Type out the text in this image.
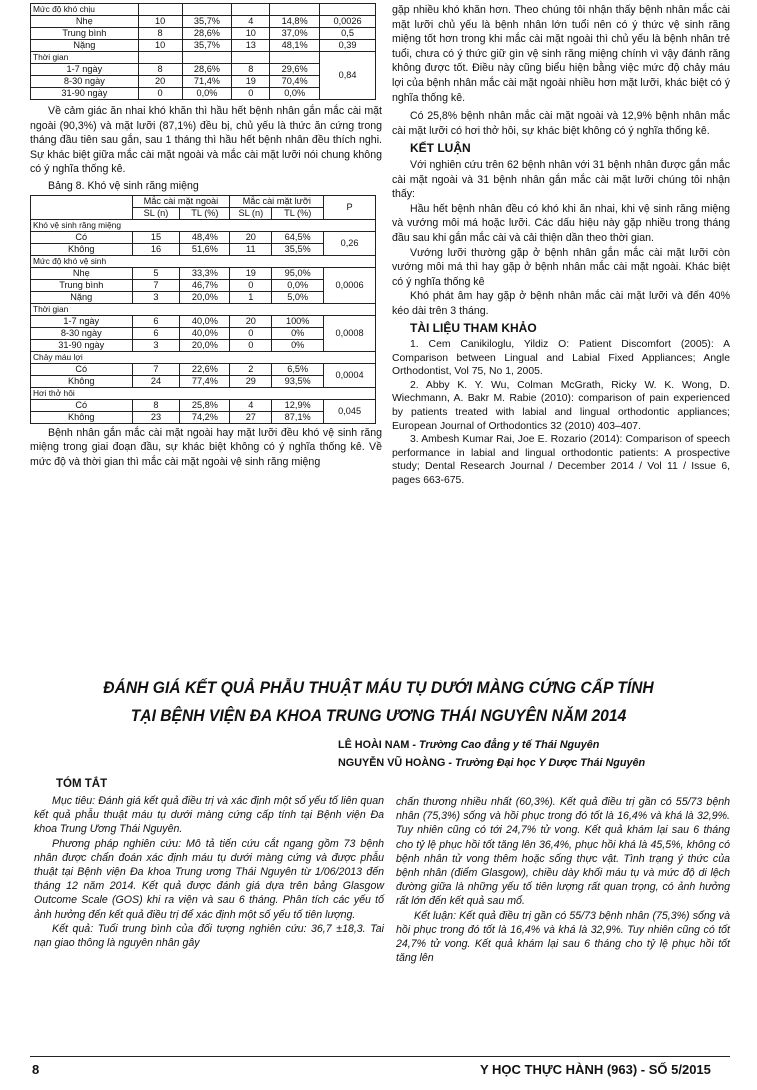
Mức độ khó chịu					
Nhẹ	10	35,7%	4	14,8%	0,0026
Trung bình	8	28,6%	10	37,0%	0,5
Nặng	10	35,7%	13	48,1%	0,39
Thời gian					0,84
1-7 ngày	8	28,6%	8	29,6%	
8-30 ngày	20	71,4%	19	70,4%	
31-90 ngày	0	0,0%	0	0,0%	

Về cảm giác ăn nhai khó khăn thì hầu hết bệnh nhân gắn mắc cài mặt ngoài (90,3%) và mặt lưỡi (87,1%) đều bị, chủ yếu là thức ăn cứng trong tháng đầu tiên sau gắn, sau 1 tháng thì hầu hết bệnh nhân đều thích nghi. Sự khác biệt giữa mắc cài mặt ngoài và mắc cài mặt lưỡi nói chung không có ý nghĩa thống kê.

Bảng 8. Khó vệ sinh răng miệng
	Mắc cài mặt ngoài		Mắc cài mặt lưỡi		P
	SL (n)	TL (%)	SL (n)	TL (%)	
Khó vệ sinh răng miệng					
Có	15	48,4%	20	64,5%	0,26
Không	16	51,6%	11	35,5%	
Mức độ khó vệ sinh					
Nhẹ	5	33,3%	19	95,0%	0,0006
Trung bình	7	46,7%	0	0,0%	
Nặng	3	20,0%	1	5,0%	
Thời gian					
1-7 ngày	6	40,0%	20	100%	0,0008
8-30 ngày	6	40,0%	0	0%	
31-90 ngày	3	20,0%	0	0%	
Chảy máu lợi					
Có	7	22,6%	2	6,5%	0,0004
Không	24	77,4%	29	93,5%	
Hơi thở hôi					
Có	8	25,8%	4	12,9%	0,045
Không	23	74,2%	27	87,1%	

Bệnh nhân gắn mắc cài mặt ngoài hay mặt lưỡi đều khó vệ sinh răng miệng trong giai đoạn đầu, sự khác biệt không có ý nghĩa thống kê. Về mức độ và thời gian thì mắc cài mặt ngoài vệ sinh răng miệng

gặp nhiều khó khăn hơn. Theo chúng tôi nhận thấy bệnh nhân mắc cài mặt lưỡi chủ yếu là bệnh nhân lớn tuổi nên có ý thức vệ sinh răng miệng tốt hơn trong khi mắc cài mặt ngoài thì chủ yếu là bệnh nhân trẻ tuổi, chưa có ý thức giữ gìn vệ sinh răng miệng chính vì vậy đánh răng không được tốt. Điều này cũng biểu hiện bằng việc mức độ chảy máu lợi của bệnh nhân mắc cài mặt ngoài nhiều hơn mặt lưỡi, khác biệt có ý nghĩa thống kê.

Có 25,8% bệnh nhân mắc cài mặt ngoài và 12,9% bệnh nhân mắc cài mặt lưỡi có hơi thở hôi, sự khác biệt không có ý nghĩa thống kê.

KẾT LUẬN

Với nghiên cứu trên 62 bệnh nhân với 31 bệnh nhân được gắn mắc cài mặt ngoài và 31 bệnh nhân gắn mắc cài mặt lưỡi chúng tôi nhận thấy:

Hầu hết bệnh nhân đều có khó khi ăn nhai, khi vệ sinh răng miệng và vướng môi má hoặc lưỡi. Các dấu hiệu này gặp nhiều trong tháng đầu sau khi gắn mắc cài và cải thiện dần theo thời gian.

Vướng lưỡi thường gặp ở bệnh nhân gắn mắc cài mặt lưỡi còn vướng môi má thì hay gặp ở bệnh nhân mắc cài mặt ngoài. Khác biệt có ý nghĩa thống kê

Khó phát âm hay gặp ở bệnh nhân mắc cài mặt lưỡi và đến 40% kéo dài trên 3 tháng.

TÀI LIỆU THAM KHẢO

1. Cem Canikiloglu, Yildiz O: Patient Discomfort (2005): A Comparison between Lingual and Labial Fixed Appliances; Angle Orthodontist, Vol 75, No 1, 2005.

2. Abby K. Y. Wu, Colman McGrath, Ricky W. K. Wong, D. Wiechmann, A. Bakr M. Rabie (2010): comparison of pain experienced by patients treated with labial and lingual orthodontic appliances; European Journal of Orthodontics 32 (2010) 403–407.

3. Ambesh Kumar Rai, Joe E. Rozario (2014): Comparison of speech performance in labial and lingual orthodontic patients: A prospective study; Dental Research Journal / December 2014 / Vol 11 / Issue 6, pages 663-675.

ĐÁNH GIÁ KẾT QUẢ PHẪU THUẬT MÁU TỤ DƯỚI MÀNG CỨNG CẤP TÍNH
TẠI BỆNH VIỆN ĐA KHOA TRUNG ƯƠNG THÁI NGUYÊN NĂM 2014
LÊ HOÀI NAM - Trường Cao đẳng y tế Thái Nguyên
NGUYỄN VŨ HOÀNG - Trường Đại học Y Dược Thái Nguyên
TÓM TẮT

Mục tiêu: Đánh giá kết quả điều trị và xác định một số yếu tố liên quan kết quả phẫu thuật máu tụ dưới màng cứng cấp tính tại Bệnh viện Đa khoa Trung Ương Thái Nguyên.

Phương pháp nghiên cứu: Mô tả tiến cứu cắt ngang gồm 73 bệnh nhân được chẩn đoán xác định máu tụ dưới màng cứng và được phẫu thuật tại Bệnh viện Đa khoa Trung ương Thái Nguyên từ 1/06/2013 đến tháng 12 năm 2014. Kết quả được đánh giá dựa trên bảng Glasgow Outcome Scale (GOS) khi ra viện và sau 6 tháng. Phân tích các yếu tố ảnh hưởng đến kết quả điều trị để xác định một số yếu tố tiên lượng.

Kết quả: Tuổi trung bình của đối tượng nghiên cứu: 36,7 ±18,3. Tai nạn giao thông là nguyên nhân gây

chấn thương nhiều nhất (60,3%). Kết quả điều trị gần có 55/73 bệnh nhân (75,3%) sống và hồi phục trong đó tốt là 16,4% và khá là 32,9%. Tuy nhiên cũng có tới 24,7% tử vong. Kết quả khám lại sau 6 tháng cho tỷ lệ phục hồi tốt tăng lên 36,4%, phục hồi khá là 45,5%, không có bệnh nhân tử vong thêm hoặc sống thực vật. Tình trạng ý thức của bệnh nhân (điểm Glasgow), chiều dày khối máu tụ và mức độ di lệch đường giữa là những yếu tố tiên lượng rất quan trọng, có ảnh hưởng rất lớn đến kết quả sau mổ.

Kết luận: Kết quả điều trị gần có 55/73 bệnh nhân (75,3%) sống và hồi phục trong đó tốt là 16,4% và khá là 32,9%. Tuy nhiên cũng có tốt 24,7% tử vong. Kết quả khám lại sau 6 tháng cho tỷ lệ phục hồi tốt tăng lên

8	Y HỌC THỰC HÀNH (963) - SỐ 5/2015
